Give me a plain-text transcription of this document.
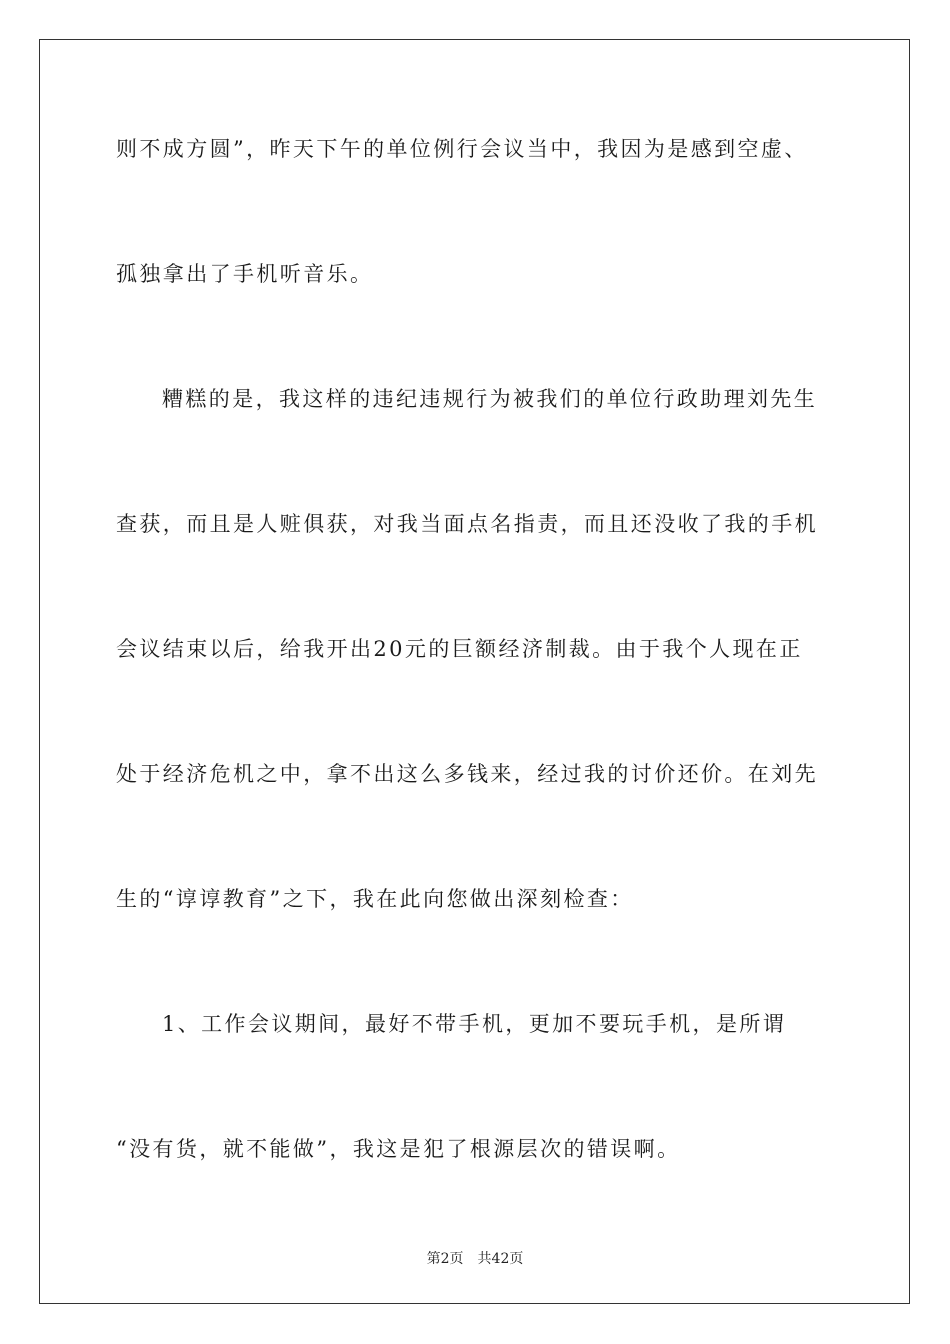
则不成方圆”，昨天下午的单位例行会议当中，我因为是感到空虚、
孤独拿出了手机听音乐。
糟糕的是，我这样的违纪违规行为被我们的单位行政助理刘先生
查获，而且是人赃俱获，对我当面点名指责，而且还没收了我的手机
会议结束以后，给我开出20元的巨额经济制裁。由于我个人现在正
处于经济危机之中，拿不出这么多钱来，经过我的讨价还价。在刘先
生的“谆谆教育”之下，我在此向您做出深刻检查：
1、工作会议期间，最好不带手机，更加不要玩手机，是所谓
“没有货，就不能做”，我这是犯了根源层次的错误啊。
第2页 共42页
